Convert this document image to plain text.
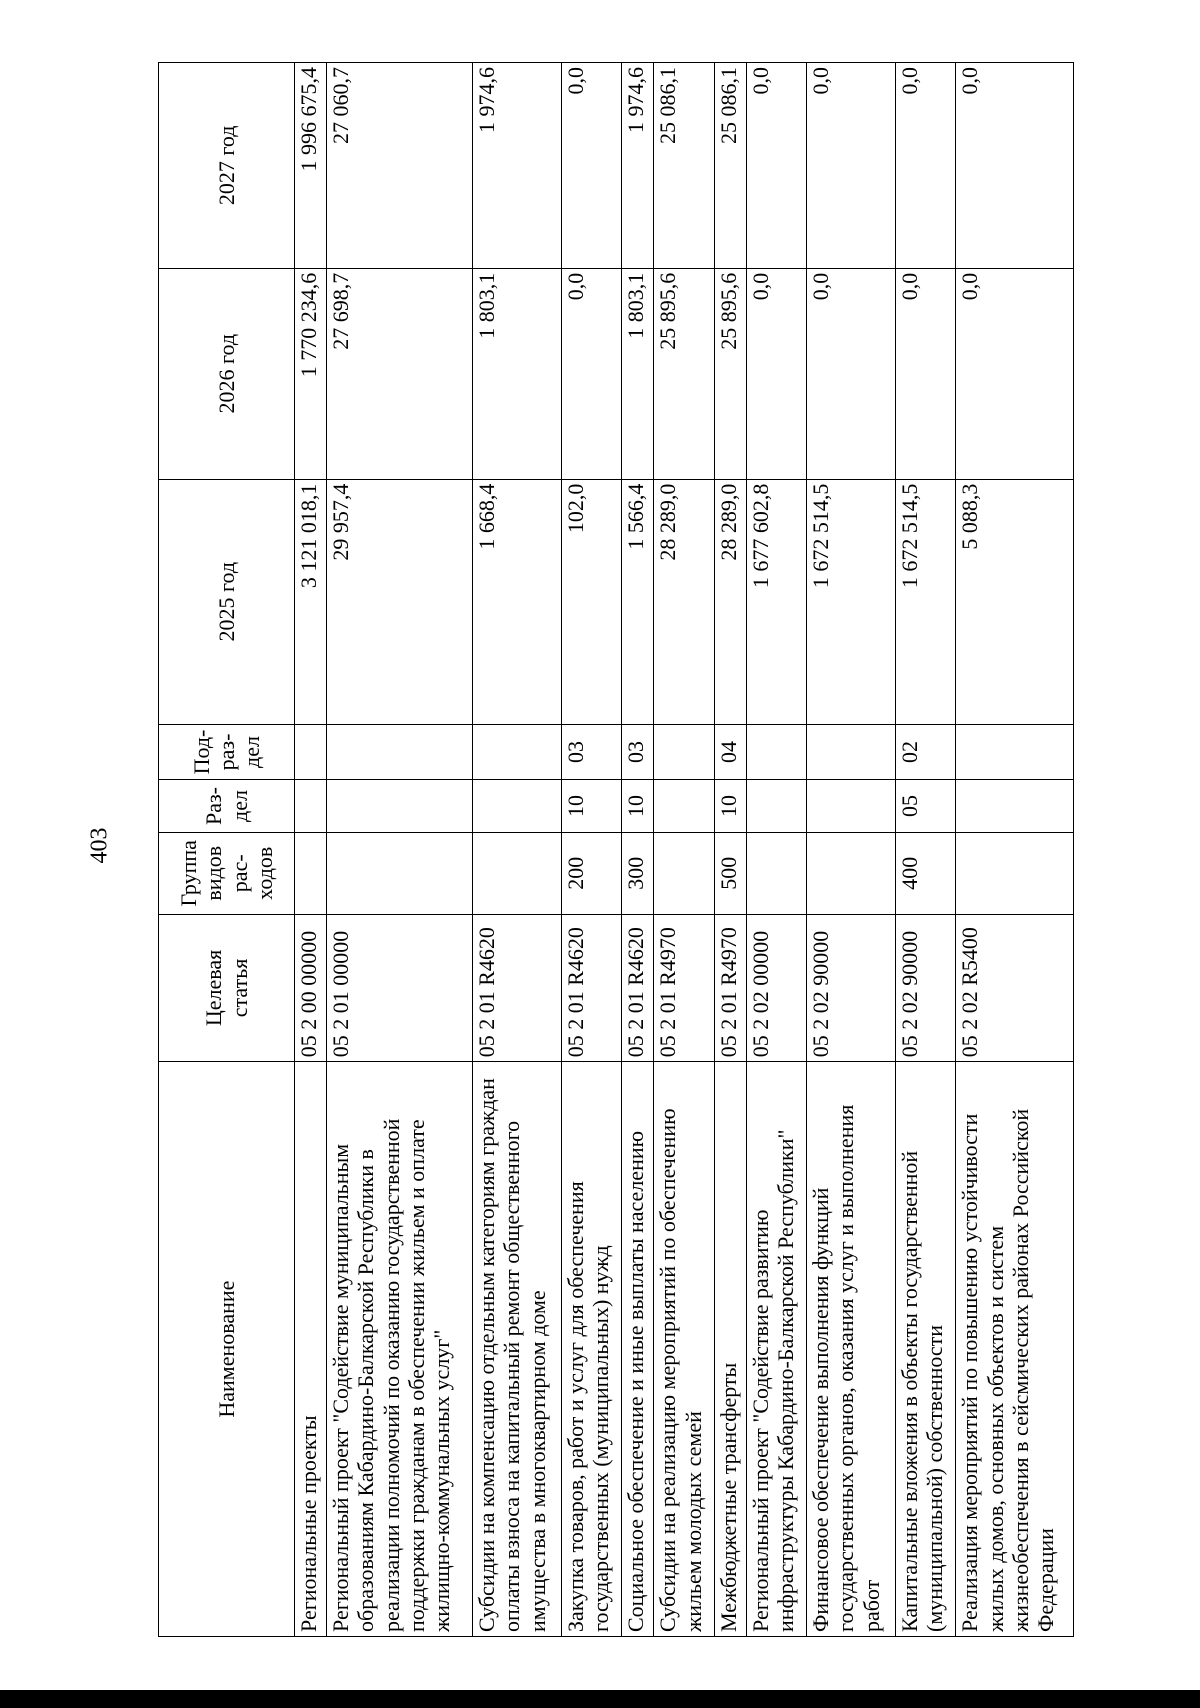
403
Наименование	Целевая статья	Группа видов рас-ходов	Раз-дел	Под-раз-дел	2025 год	2026 год	2027 год
Региональные проекты	05 2 00 00000				3 121 018,1	1 770 234,6	1 996 675,4
Региональный проект "Содействие муниципальным образованиям Кабардино-Балкарской Республики в реализации полномочий по оказанию государственной поддержки гражданам в обеспечении жильем и оплате жилищно-коммунальных услуг"	05 2 01 00000				29 957,4	27 698,7	27 060,7
Субсидии на компенсацию отдельным категориям граждан оплаты взноса на капитальный ремонт общественного имущества в многоквартирном доме	05 2 01 R4620				1 668,4	1 803,1	1 974,6
Закупка товаров, работ и услуг для обеспечения государственных (муниципальных) нужд	05 2 01 R4620	200	10	03	102,0	0,0	0,0
Социальное обеспечение и иные выплаты населению	05 2 01 R4620	300	10	03	1 566,4	1 803,1	1 974,6
Субсидии на реализацию мероприятий по обеспечению жильем молодых семей	05 2 01 R4970				28 289,0	25 895,6	25 086,1
Межбюджетные трансферты	05 2 01 R4970	500	10	04	28 289,0	25 895,6	25 086,1
Региональный проект "Содействие развитию инфраструктуры Кабардино-Балкарской Республики"	05 2 02 00000				1 677 602,8	0,0	0,0
Финансовое обеспечение выполнения функций государственных органов, оказания услуг и выполнения работ	05 2 02 90000				1 672 514,5	0,0	0,0
Капитальные вложения в объекты государственной (муниципальной) собственности	05 2 02 90000	400	05	02	1 672 514,5	0,0	0,0
Реализация мероприятий по повышению устойчивости жилых домов, основных объектов и систем жизнеобеспечения в сейсмических районах Российской Федерации	05 2 02 R5400				5 088,3	0,0	0,0
